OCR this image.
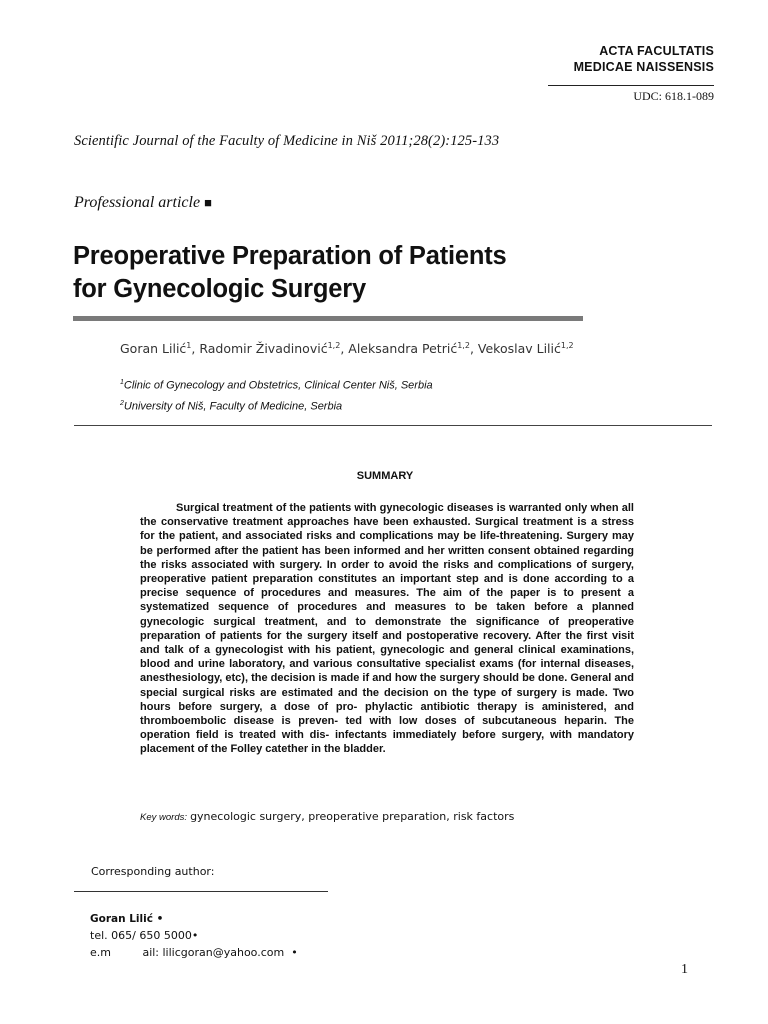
ACTA FACULTATIS
MEDICAE NAISSENSIS
UDC: 618.1-089
Scientific Journal of the Faculty of Medicine in Niš 2011;28(2):125-133
Professional article ■
Preoperative Preparation of Patients
for Gynecologic Surgery
Goran Lilić$^1$, Radomir Živadinović$^{1,2}$, Aleksandra Petrić$^{1,2}$, Vekoslav Lilić$^{1,2}$
$^1$Clinic of Gynecology and Obstetrics, Clinical Center Niš, Serbia
$^2$University of Niš, Faculty of Medicine, Serbia
SUMMARY

Surgical treatment of the patients with gynecologic diseases is warranted only when all the conservative treatment approaches have been exhausted. Surgical treatment is a stress for the patient, and associated risks and complications may be life-threatening. Surgery may be performed after the patient has been informed and her written consent obtained regarding the risks associated with surgery. In order to avoid the risks and complications of surgery, preoperative patient preparation constitutes an important step and is done according to a precise sequence of procedures and measures. The aim of the paper is to present a systematized sequence of procedures and measures to be taken before a planned gynecologic surgical treatment, and to demonstrate the significance of preoperative preparation of patients for the surgery itself and postoperative recovery. After the first visit and talk of a gynecologist with his patient, gynecologic and general clinical examinations, blood and urine laboratory, and various consultative specialist exams (for internal diseases, anesthesiology, etc), the decision is made if and how the surgery should be done. General and special surgical risks are estimated and the decision on the type of surgery is made. Two hours before surgery, a dose of pro- phylactic antibiotic therapy is aministered, and thromboembolic disease is preven- ted with low doses of subcutaneous heparin. The operation field is treated with dis- infectants immediately before surgery, with mandatory placement of the Folley catether in the bladder.

Key words: gynecologic surgery, preoperative preparation, risk factors
Corresponding author:
Goran Lilić •
tel. 065/ 650 5000•
e.m         ail: lilicgoran@yahoo.com  •
1
